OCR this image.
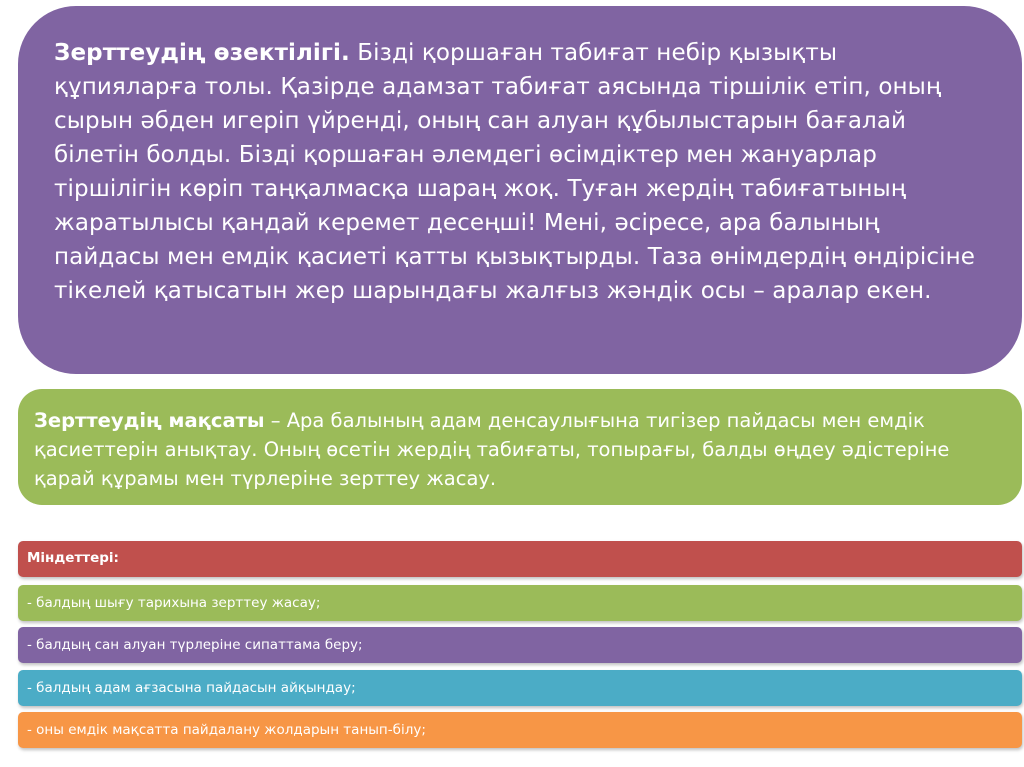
Зерттеудің өзектілігі. Бізді қоршаған табиғат небір қызықты құпияларға толы. Қазірде адамзат табиғат аясында тіршілік етіп, оның сырын әбден игеріп үйренді, оның сан алуан құбылыстарын бағалай білетін болды. Бізді қоршаған әлемдегі өсімдіктер мен жануарлар тіршілігін көріп таңқалмасқа шараң жоқ. Туған жердің табиғатының жаратылысы қандай керемет десеңші! Мені, әсіресе, ара балының пайдасы мен емдік қасиеті қатты қызықтырды. Таза өнімдердің өндірісіне тікелей қатысатын жер шарындағы жалғыз жәндік осы – аралар екен.
Зерттеудің мақсаты – Ара балының адам денсаулығына тигізер пайдасы мен емдік қасиеттерін анықтау. Оның өсетін жердің табиғаты, топырағы, балды өңдеу әдістеріне қарай құрамы мен түрлеріне зерттеу жасау.
Міндеттері:
- балдың шығу тарихына зерттеу жасау;
- балдың сан алуан түрлеріне сипаттама беру;
- балдың адам ағзасына пайдасын айқындау;
- оны емдік мақсатта пайдалану жолдарын танып-білу;
